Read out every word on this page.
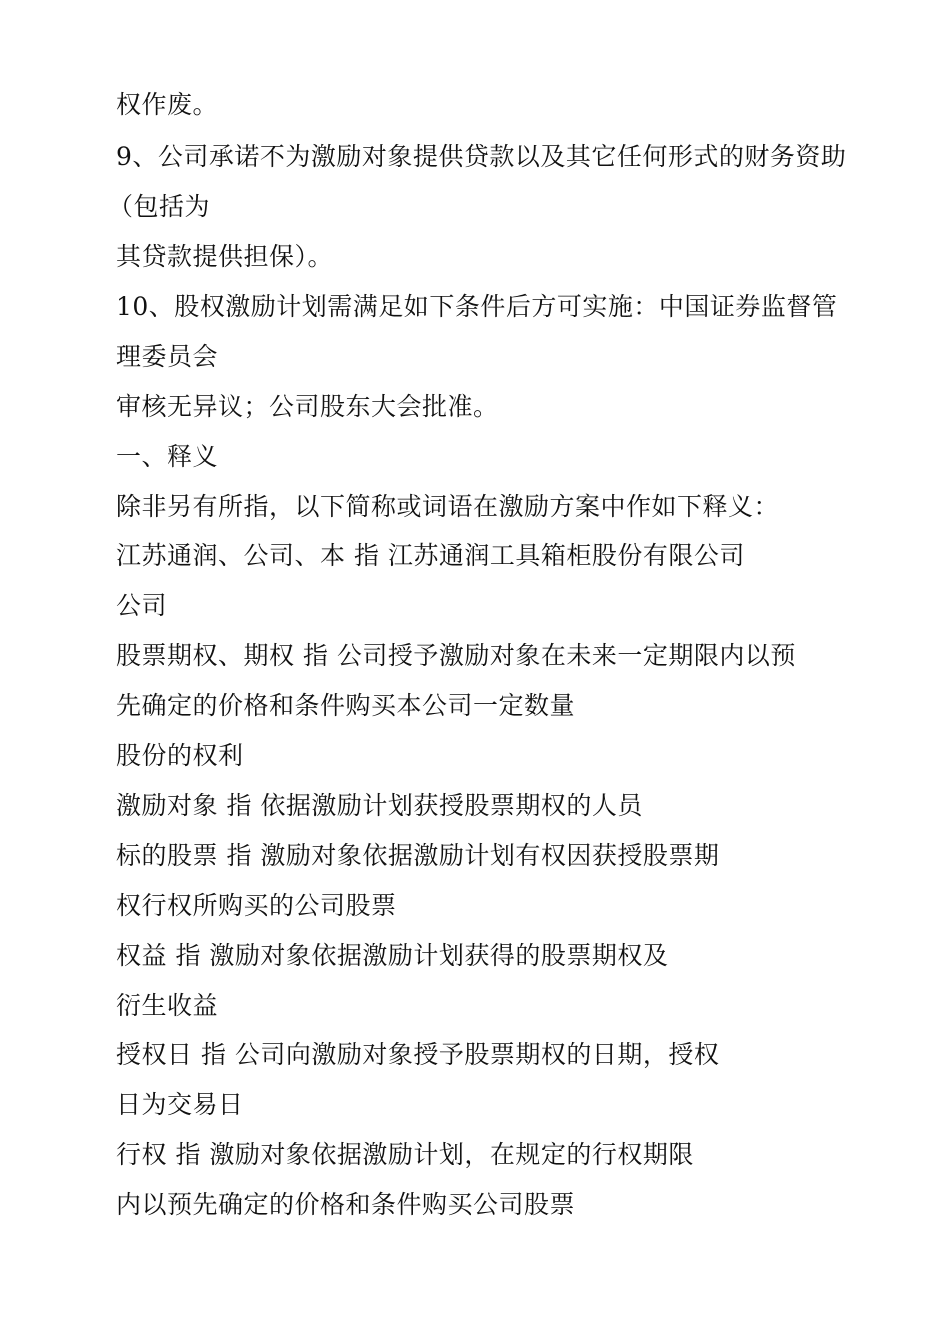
权作废。
9、公司承诺不为激励对象提供贷款以及其它任何形式的财务资助
（包括为
其贷款提供担保）。
10、股权激励计划需满足如下条件后方可实施：中国证券监督管
理委员会
审核无异议；公司股东大会批准。
一、释义
除非另有所指，以下简称或词语在激励方案中作如下释义：
江苏通润、公司、本 指 江苏通润工具箱柜股份有限公司
公司
股票期权、期权 指 公司授予激励对象在未来一定期限内以预
先确定的价格和条件购买本公司一定数量
股份的权利
激励对象 指 依据激励计划获授股票期权的人员
标的股票 指 激励对象依据激励计划有权因获授股票期
权行权所购买的公司股票
权益 指 激励对象依据激励计划获得的股票期权及
衍生收益
授权日 指 公司向激励对象授予股票期权的日期，授权
日为交易日
行权 指 激励对象依据激励计划，在规定的行权期限
内以预先确定的价格和条件购买公司股票
